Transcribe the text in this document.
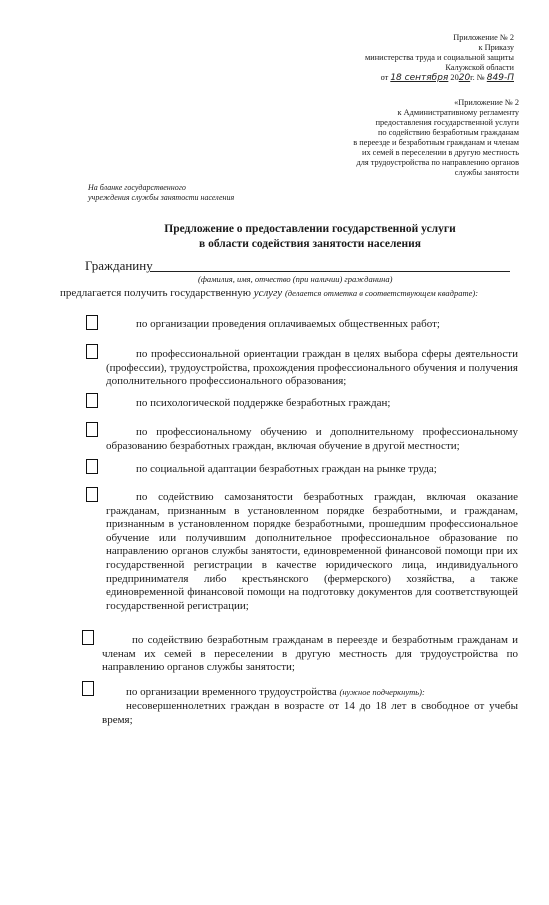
Приложение № 2
к Приказу
министерства труда и социальной защиты
Калужской области
от 18 сентября 2020г. № 849-П
«Приложение № 2
к Административному регламенту
предоставления государственной услуги
по содействию безработным гражданам
в переезде и безработным гражданам и членам
их семей в переселении в другую местность
для трудоустройства по направлению органов
службы занятости
На бланке государственного
учреждения службы занятости населения
Предложение о предоставлении государственной услуги
в области содействия занятости населения
Гражданину
(фамилия, имя, отчество (при наличии) гражданина)
предлагается получить государственную услугу (делается отметка в соответствующем квадрате):
по организации проведения оплачиваемых общественных работ;
по профессиональной ориентации граждан в целях выбора сферы деятельности (профессии), трудоустройства, прохождения профессионального обучения и получения дополнительного профессионального образования;
по психологической поддержке безработных граждан;
по профессиональному обучению и дополнительному профессиональному образованию безработных граждан, включая обучение в другой местности;
по социальной адаптации безработных граждан на рынке труда;
по содействию самозанятости безработных граждан, включая оказание гражданам, признанным в установленном порядке безработными, и гражданам, признанным в установленном порядке безработными, прошедшим профессиональное обучение или получившим дополнительное профессиональное образование по направлению органов службы занятости, единовременной финансовой помощи при их государственной регистрации в качестве юридического лица, индивидуального предпринимателя либо крестьянского (фермерского) хозяйства, а также единовременной финансовой помощи на подготовку документов для соответствующей государственной регистрации;
по содействию безработным гражданам в переезде и безработным гражданам и членам их семей в переселении в другую местность для трудоустройства по направлению органов службы занятости;
по организации временного трудоустройства (нужное подчеркнуть):
несовершеннолетних граждан в возрасте от 14 до 18 лет в свободное от учебы время;
